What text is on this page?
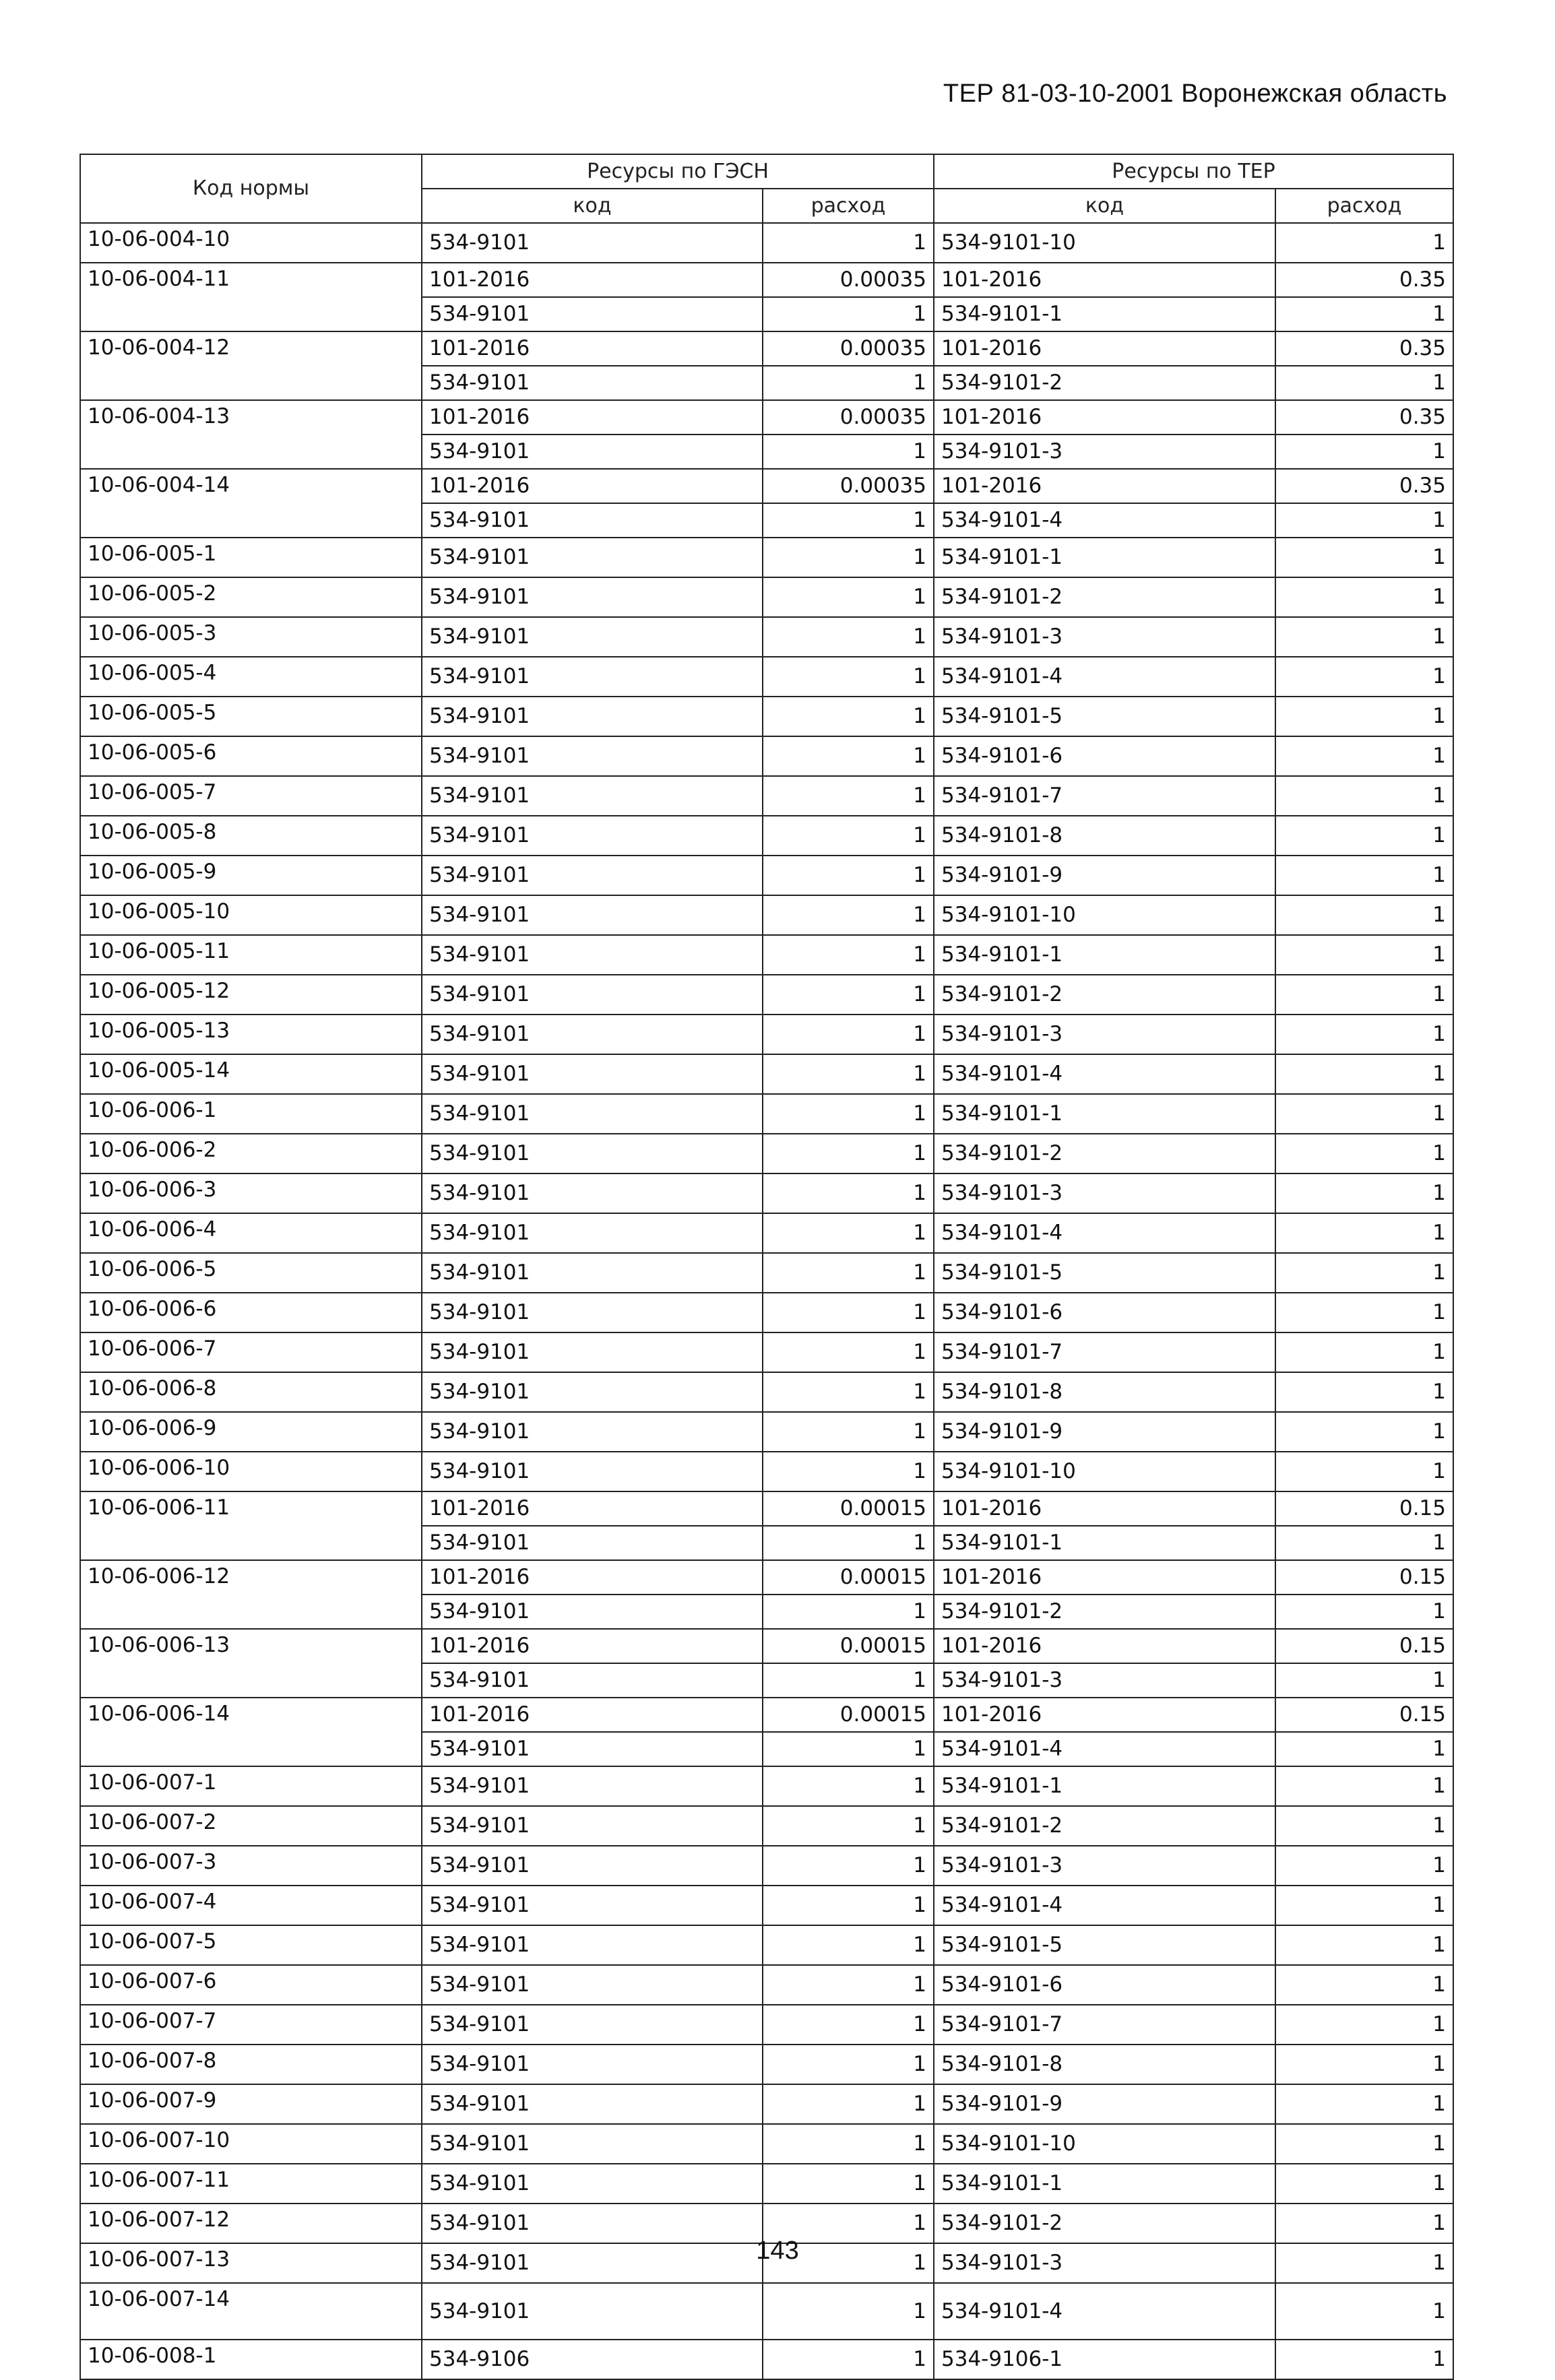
ТЕР 81-03-10-2001 Воронежская область
Код нормы	Ресурсы по ГЭСН		Ресурсы по ТЕР	
	код	расход	код	расход
10-06-004-10	534-9101	1	534-9101-10	1
10-06-004-11	101-2016	0.00035	101-2016	0.35
	534-9101	1	534-9101-1	1
10-06-004-12	101-2016	0.00035	101-2016	0.35
	534-9101	1	534-9101-2	1
10-06-004-13	101-2016	0.00035	101-2016	0.35
	534-9101	1	534-9101-3	1
10-06-004-14	101-2016	0.00035	101-2016	0.35
	534-9101	1	534-9101-4	1
10-06-005-1	534-9101	1	534-9101-1	1
10-06-005-2	534-9101	1	534-9101-2	1
10-06-005-3	534-9101	1	534-9101-3	1
10-06-005-4	534-9101	1	534-9101-4	1
10-06-005-5	534-9101	1	534-9101-5	1
10-06-005-6	534-9101	1	534-9101-6	1
10-06-005-7	534-9101	1	534-9101-7	1
10-06-005-8	534-9101	1	534-9101-8	1
10-06-005-9	534-9101	1	534-9101-9	1
10-06-005-10	534-9101	1	534-9101-10	1
10-06-005-11	534-9101	1	534-9101-1	1
10-06-005-12	534-9101	1	534-9101-2	1
10-06-005-13	534-9101	1	534-9101-3	1
10-06-005-14	534-9101	1	534-9101-4	1
10-06-006-1	534-9101	1	534-9101-1	1
10-06-006-2	534-9101	1	534-9101-2	1
10-06-006-3	534-9101	1	534-9101-3	1
10-06-006-4	534-9101	1	534-9101-4	1
10-06-006-5	534-9101	1	534-9101-5	1
10-06-006-6	534-9101	1	534-9101-6	1
10-06-006-7	534-9101	1	534-9101-7	1
10-06-006-8	534-9101	1	534-9101-8	1
10-06-006-9	534-9101	1	534-9101-9	1
10-06-006-10	534-9101	1	534-9101-10	1
10-06-006-11	101-2016	0.00015	101-2016	0.15
	534-9101	1	534-9101-1	1
10-06-006-12	101-2016	0.00015	101-2016	0.15
	534-9101	1	534-9101-2	1
10-06-006-13	101-2016	0.00015	101-2016	0.15
	534-9101	1	534-9101-3	1
10-06-006-14	101-2016	0.00015	101-2016	0.15
	534-9101	1	534-9101-4	1
10-06-007-1	534-9101	1	534-9101-1	1
10-06-007-2	534-9101	1	534-9101-2	1
10-06-007-3	534-9101	1	534-9101-3	1
10-06-007-4	534-9101	1	534-9101-4	1
10-06-007-5	534-9101	1	534-9101-5	1
10-06-007-6	534-9101	1	534-9101-6	1
10-06-007-7	534-9101	1	534-9101-7	1
10-06-007-8	534-9101	1	534-9101-8	1
10-06-007-9	534-9101	1	534-9101-9	1
10-06-007-10	534-9101	1	534-9101-10	1
10-06-007-11	534-9101	1	534-9101-1	1
10-06-007-12	534-9101	1	534-9101-2	1
10-06-007-13	534-9101	1	534-9101-3	1
10-06-007-14	534-9101	1	534-9101-4	1
10-06-008-1	534-9106	1	534-9106-1	1
143
